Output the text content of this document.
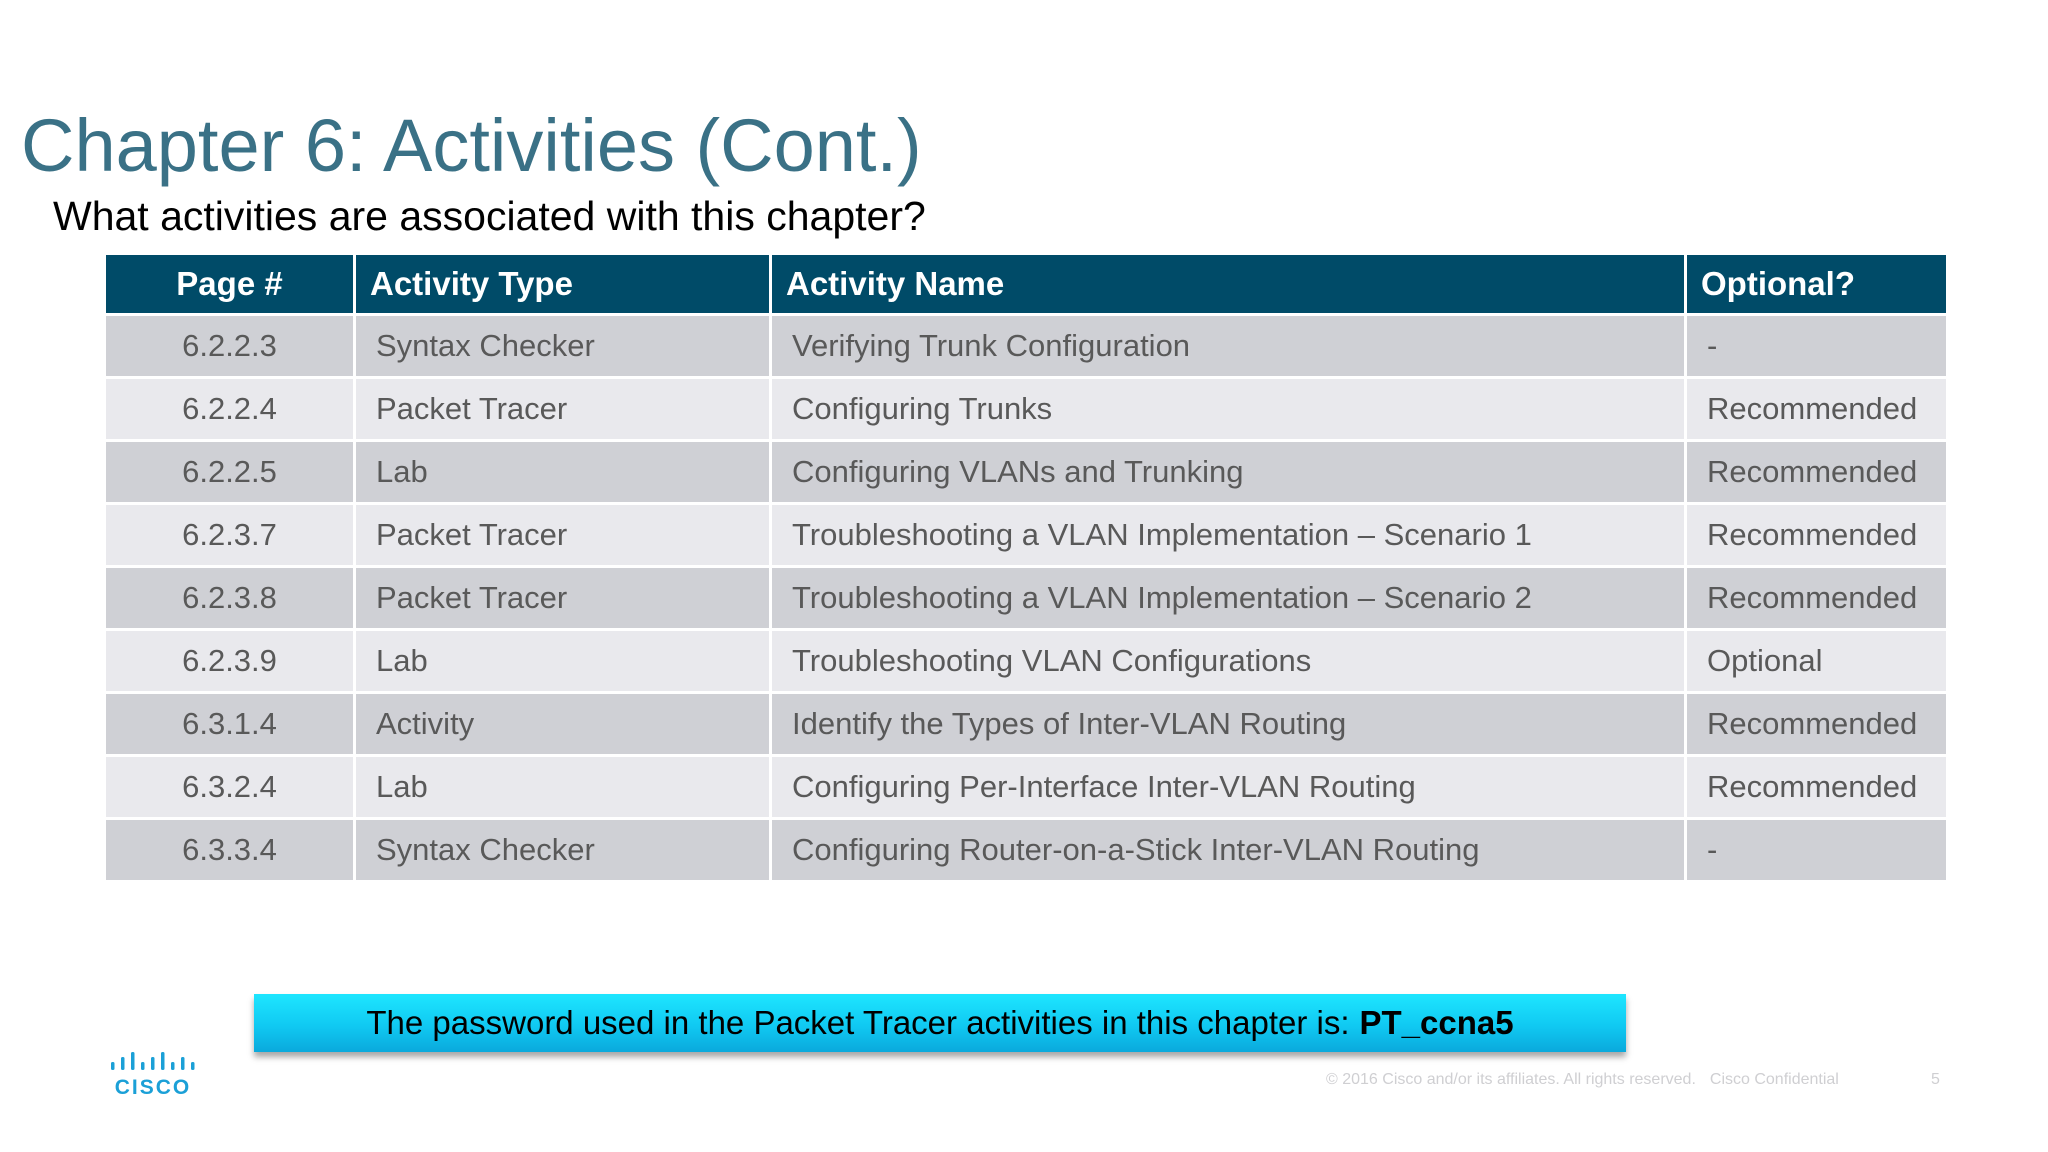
Chapter 6: Activities (Cont.)
What activities are associated with this chapter?
Page #	Activity Type	Activity Name	Optional?
6.2.2.3	Syntax Checker	Verifying Trunk Configuration	-
6.2.2.4	Packet Tracer	Configuring Trunks	Recommended
6.2.2.5	Lab	Configuring VLANs and Trunking	Recommended
6.2.3.7	Packet Tracer	Troubleshooting a VLAN Implementation – Scenario 1	Recommended
6.2.3.8	Packet Tracer	Troubleshooting a VLAN Implementation – Scenario 2	Recommended
6.2.3.9	Lab	Troubleshooting VLAN Configurations	Optional
6.3.1.4	Activity	Identify the Types of Inter-VLAN Routing	Recommended
6.3.2.4	Lab	Configuring Per-Interface Inter-VLAN Routing	Recommended
6.3.3.4	Syntax Checker	Configuring Router-on-a-Stick Inter-VLAN Routing	-
The password used in the Packet Tracer activities in this chapter is: PT_ccna5
CISCO	© 2016 Cisco and/or its affiliates. All rights reserved. Cisco Confidential	5
